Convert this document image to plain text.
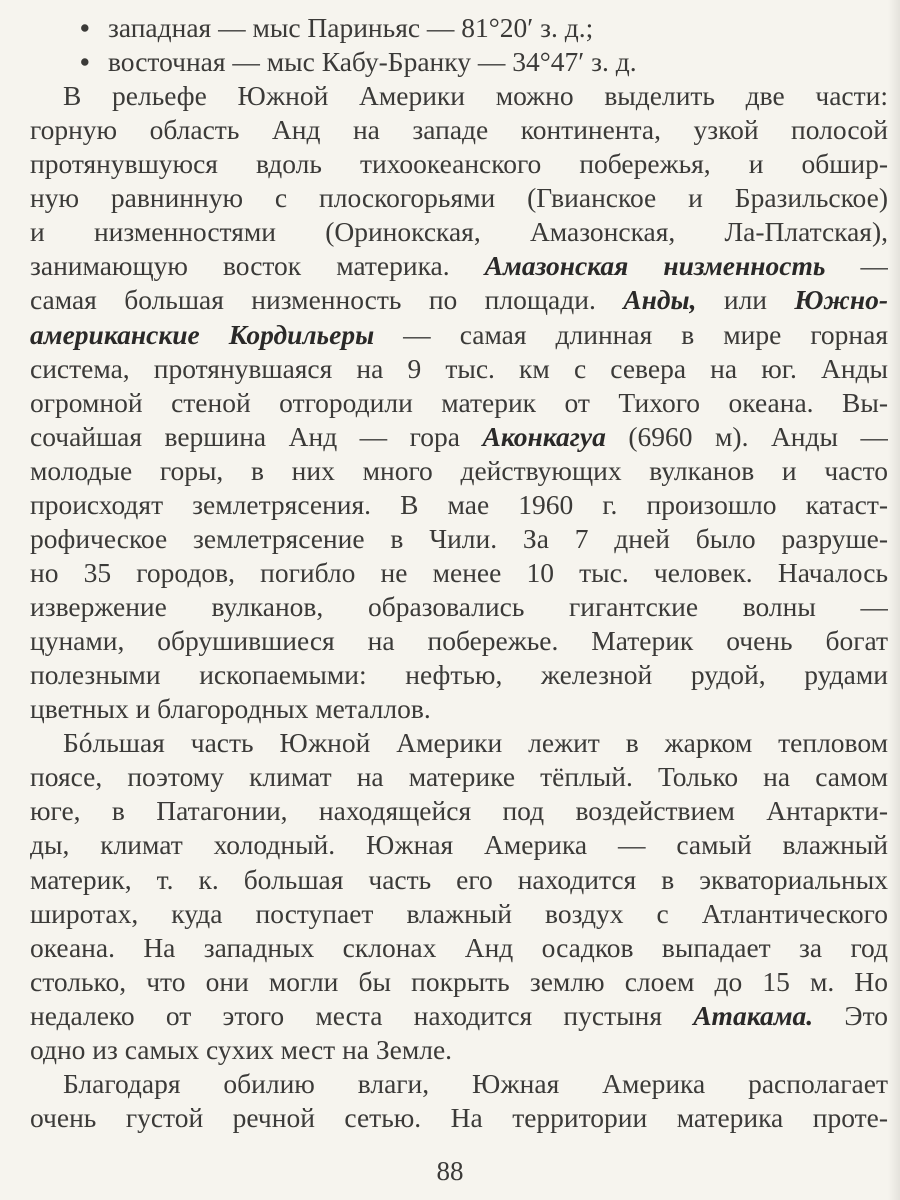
• западная — мыс Париньяс — 81°20′ з. д.;
• восточная — мыс Кабу-Бранку — 34°47′ з. д.
В рельефе Южной Америки можно выделить две части:
горную область Анд на западе континента, узкой полосой
протянувшуюся вдоль тихоокеанского побережья, и обшир-
ную равнинную с плоскогорьями (Гвианское и Бразильское)
и низменностями (Оринокская, Амазонская, Ла-Платская),
занимающую восток материка. Амазонская низменность —
самая большая низменность по площади. Анды, или Южно-
американские Кордильеры — самая длинная в мире горная
система, протянувшаяся на 9 тыс. км с севера на юг. Анды
огромной стеной отгородили материк от Тихого океана. Вы-
сочайшая вершина Анд — гора Аконкагуа (6960 м). Анды —
молодые горы, в них много действующих вулканов и часто
происходят землетрясения. В мае 1960 г. произошло катаст-
рофическое землетрясение в Чили. За 7 дней было разруше-
но 35 городов, погибло не менее 10 тыс. человек. Началось
извержение вулканов, образовались гигантские волны —
цунами, обрушившиеся на побережье. Материк очень богат
полезными ископаемыми: нефтью, железной рудой, рудами
цветных и благородных металлов.
Бóльшая часть Южной Америки лежит в жарком тепловом
поясе, поэтому климат на материке тёплый. Только на самом
юге, в Патагонии, находящейся под воздействием Антаркти-
ды, климат холодный. Южная Америка — самый влажный
материк, т. к. большая часть его находится в экваториальных
широтах, куда поступает влажный воздух с Атлантического
океана. На западных склонах Анд осадков выпадает за год
столько, что они могли бы покрыть землю слоем до 15 м. Но
недалеко от этого места находится пустыня Атакама. Это
одно из самых сухих мест на Земле.
Благодаря обилию влаги, Южная Америка располагает
очень густой речной сетью. На территории материка проте-
88
